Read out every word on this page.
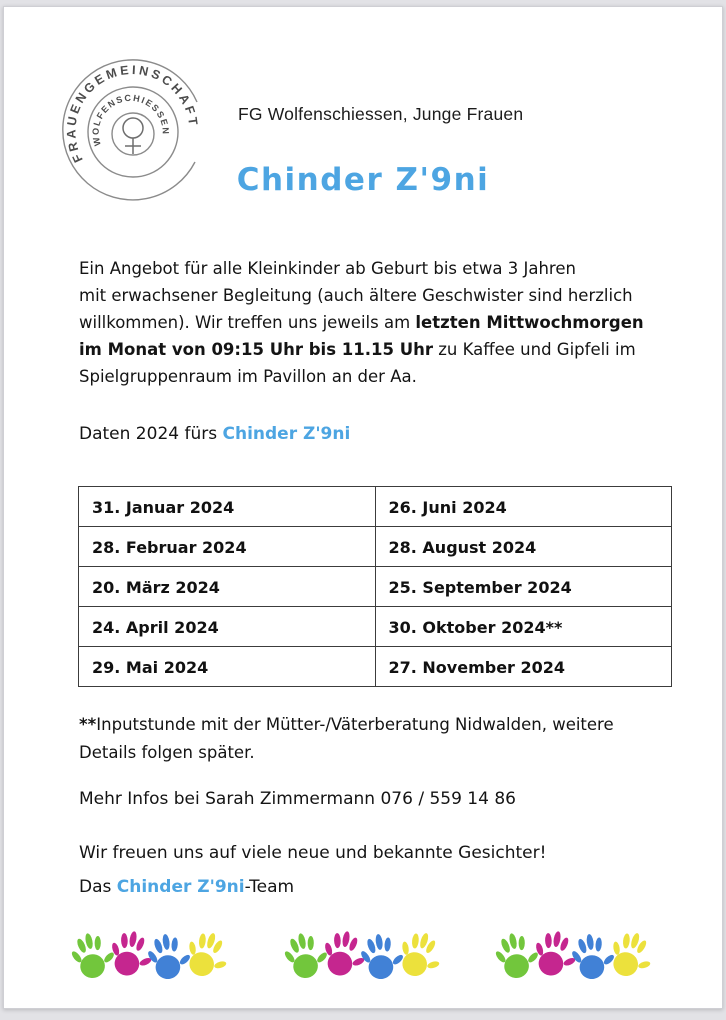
FRAUENGEMEINSCHAFT
WOLFENSCHIESSEN
FG Wolfenschiessen, Junge Frauen
Chinder Z'9ni
Ein Angebot für alle Kleinkinder ab Geburt bis etwa 3 Jahren
mit erwachsener Begleitung (auch ältere Geschwister sind herzlich
willkommen). Wir treffen uns jeweils am letzten Mittwochmorgen
im Monat von 09:15 Uhr bis 11.15 Uhr zu Kaffee und Gipfeli im
Spielgruppenraum im Pavillon an der Aa.
Daten 2024 fürs Chinder Z'9ni
31. Januar 2024	26. Juni 2024
28. Februar 2024	28. August 2024
20. März 2024	25. September 2024
24. April 2024	30. Oktober 2024**
29. Mai 2024	27. November 2024
**Inputstunde mit der Mütter-/Väterberatung Nidwalden, weitere
Details folgen später.
Mehr Infos bei Sarah Zimmermann 076 / 559 14 86
Wir freuen uns auf viele neue und bekannte Gesichter!
Das Chinder Z'9ni-Team
